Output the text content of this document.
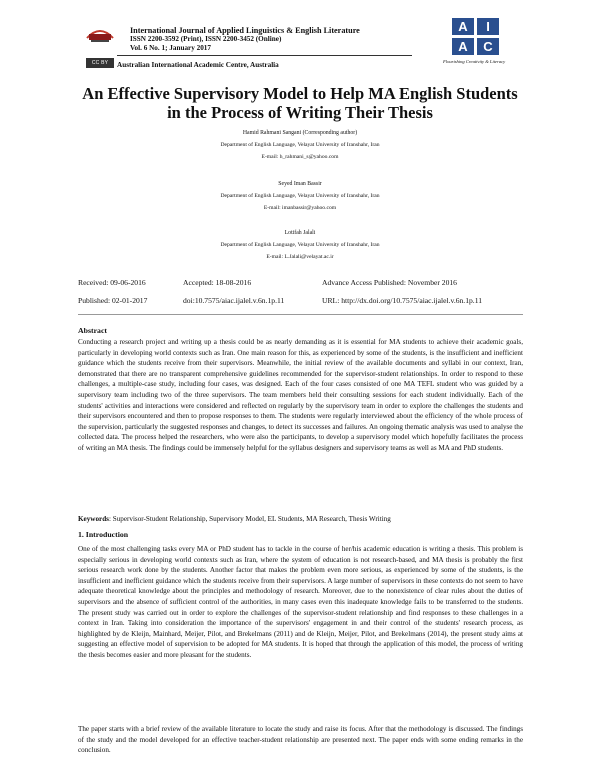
CC BY
International Journal of Applied Linguistics & English Literature
ISSN 2200-3592 (Print), ISSN 2200-3452 (Online)
Vol. 6 No. 1; January 2017
Australian International Academic Centre, Australia
A	I
A	C
Flourishing Creativity & Literacy
An Effective Supervisory Model to Help MA English Students
in the Process of Writing Their Thesis
Hamid Rahmani Sangani (Corresponding author)
Department of English Language, Velayat University of Iranshahr, Iran
E-mail: h_rahmani_s@yahoo.com
Seyed Iman Bassir
Department of English Language, Velayat University of Iranshahr, Iran
E-mail: imanbassir@yahoo.com
Lotifah Jalali
Department of English Language, Velayat University of Iranshahr, Iran
E-mail: L.Jalali@velayat.ac.ir
Received: 09-06-2016	Accepted: 18-08-2016	Advance Access Published: November 2016
Published: 02-01-2017	doi:10.7575/aiac.ijalel.v.6n.1p.11	URL: http://dx.doi.org/10.7575/aiac.ijalel.v.6n.1p.11
Abstract

Conducting a research project and writing up a thesis could be as nearly demanding as it is essential for MA students to achieve their academic goals, particularly in developing world contexts such as Iran. One main reason for this, as experienced by some of the students, is the insufficient and inefficient guidance which the students receive from their supervisors. Meanwhile, the initial review of the available documents and syllabi in our context, Iran, demonstrated that there are no transparent comprehensive guidelines recommended for the supervisor-student relationships. In order to respond to these challenges, a multiple-case study, including four cases, was designed. Each of the four cases consisted of one MA TEFL student who was guided by a supervisory team including two of the three supervisors. The team members held their consulting sessions for each student individually. Each of the students' activities and interactions were considered and reflected on regularly by the supervisory team in order to explore the challenges the students and their supervisors encountered and then to propose responses to them. The students were regularly interviewed about the efficiency of the whole process of the supervision, particularly the suggested responses and changes, to detect its successes and failures. An ongoing thematic analysis was used to analyse the collected data. The process helped the researchers, who were also the participants, to develop a supervisory model which hopefully facilitates the process of writing an MA thesis. The findings could be immensely helpful for the syllabus designers and supervisory teams as well as MA and PhD students.

Keywords: Supervisor-Student Relationship, Supervisory Model, EL Students, MA Research, Thesis Writing
1. Introduction

One of the most challenging tasks every MA or PhD student has to tackle in the course of her/his academic education is writing a thesis. This problem is especially serious in developing world contexts such as Iran, where the system of education is not research-based, and MA thesis is probably the first serious research work done by the students. Another factor that makes the problem even more serious, as experienced by some of the students, is the insufficient and inefficient guidance which the students receive from their supervisors. A large number of supervisors in these contexts do not seem to have adequate theoretical knowledge about the principles and methodology of research. Moreover, due to the nonexistence of clear rules about the duties of supervisors and the absence of sufficient control of the authorities, in many cases even this inadequate knowledge fails to be transferred to the students. The present study was carried out in order to explore the challenges of the supervisor-student relationship and find responses to these challenges in a context in Iran. Taking into consideration the importance of the supervisors' engagement in and their control of the students' research process, as highlighted by de Kleijn, Mainhard, Meijer, Pilot, and Brekelmans (2011) and de Kleijn, Meijer, Pilot, and Brekelmans (2014), the present study aims at suggesting an effective model of supervision to be adopted for MA students. It is hoped that through the application of this model, the process of writing the thesis becomes easier and more pleasant for the students.

The paper starts with a brief review of the available literature to locate the study and raise its focus. After that the methodology is discussed. The findings of the study and the model developed for an effective teacher-student relationship are presented next. The paper ends with some ending remarks in the conclusion.
